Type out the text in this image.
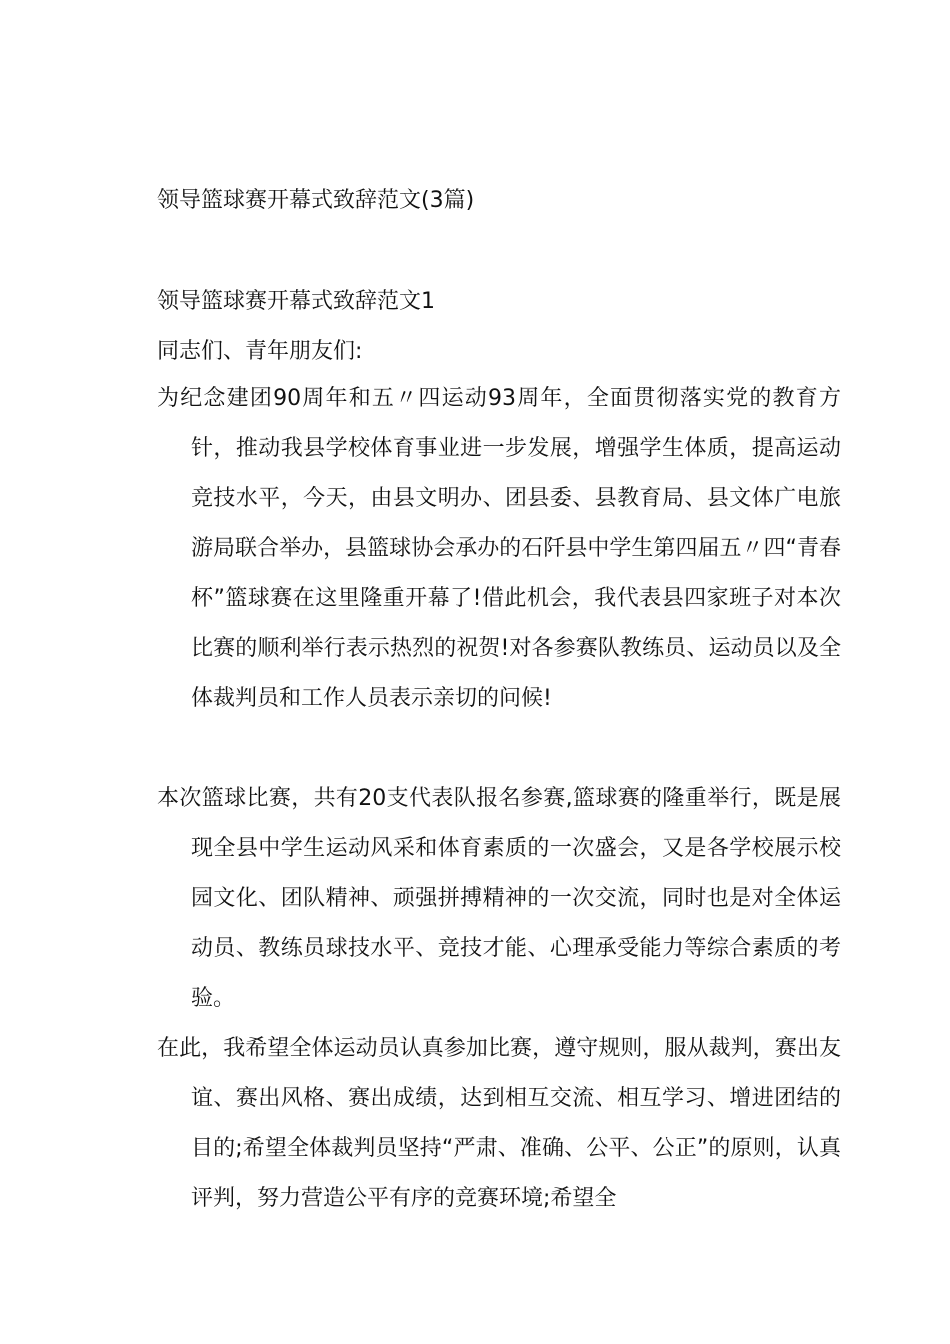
领导篮球赛开幕式致辞范文(3篇)
领导篮球赛开幕式致辞范文1

同志们、青年朋友们:

为纪念建团90周年和五〃四运动93周年，全面贯彻落实党的教育方针，推动我县学校体育事业进一步发展，增强学生体质，提高运动竞技水平，今天，由县文明办、团县委、县教育局、县文体广电旅游局联合举办，县篮球协会承办的石阡县中学生第四届五〃四“青春杯”篮球赛在这里隆重开幕了!借此机会，我代表县四家班子对本次比赛的顺利举行表示热烈的祝贺!对各参赛队教练员、运动员以及全体裁判员和工作人员表示亲切的问候!

本次篮球比赛，共有20支代表队报名参赛,篮球赛的隆重举行，既是展现全县中学生运动风采和体育素质的一次盛会，又是各学校展示校园文化、团队精神、顽强拼搏精神的一次交流，同时也是对全体运动员、教练员球技水平、竞技才能、心理承受能力等综合素质的考验。

在此，我希望全体运动员认真参加比赛，遵守规则，服从裁判，赛出友谊、赛出风格、赛出成绩，达到相互交流、相互学习、增进团结的目的;希望全体裁判员坚持“严肃、准确、公平、公正”的原则，认真评判，努力营造公平有序的竞赛环境;希望全
